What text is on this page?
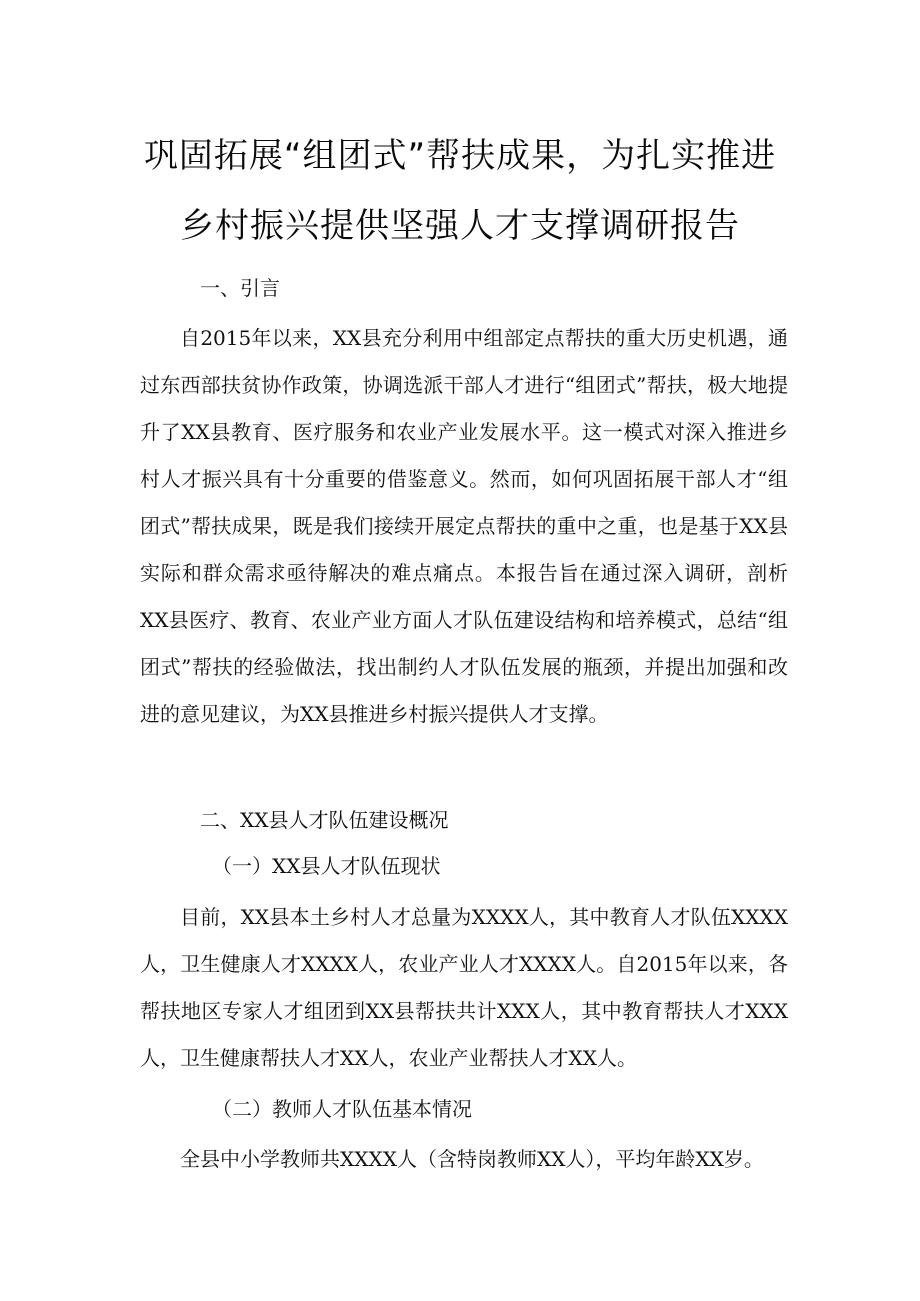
巩固拓展“组团式”帮扶成果，为扎实推进
乡村振兴提供坚强人才支撑调研报告
一、引言

自2015年以来，XX县充分利用中组部定点帮扶的重大历史机遇，通过东西部扶贫协作政策，协调选派干部人才进行“组团式”帮扶，极大地提升了XX县教育、医疗服务和农业产业发展水平。这一模式对深入推进乡村人才振兴具有十分重要的借鉴意义。然而，如何巩固拓展干部人才“组团式”帮扶成果，既是我们接续开展定点帮扶的重中之重，也是基于XX县实际和群众需求亟待解决的难点痛点。本报告旨在通过深入调研，剖析XX县医疗、教育、农业产业方面人才队伍建设结构和培养模式，总结“组团式”帮扶的经验做法，找出制约人才队伍发展的瓶颈，并提出加强和改进的意见建议，为XX县推进乡村振兴提供人才支撑。

二、XX县人才队伍建设概况
（一）XX县人才队伍现状

目前，XX县本土乡村人才总量为XXXX人，其中教育人才队伍XXXX人，卫生健康人才XXXX人，农业产业人才XXXX人。自2015年以来，各帮扶地区专家人才组团到XX县帮扶共计XXX人，其中教育帮扶人才XXX人，卫生健康帮扶人才XX人，农业产业帮扶人才XX人。

（二）教师人才队伍基本情况

全县中小学教师共XXXX人（含特岗教师XX人），平均年龄XX岁。
